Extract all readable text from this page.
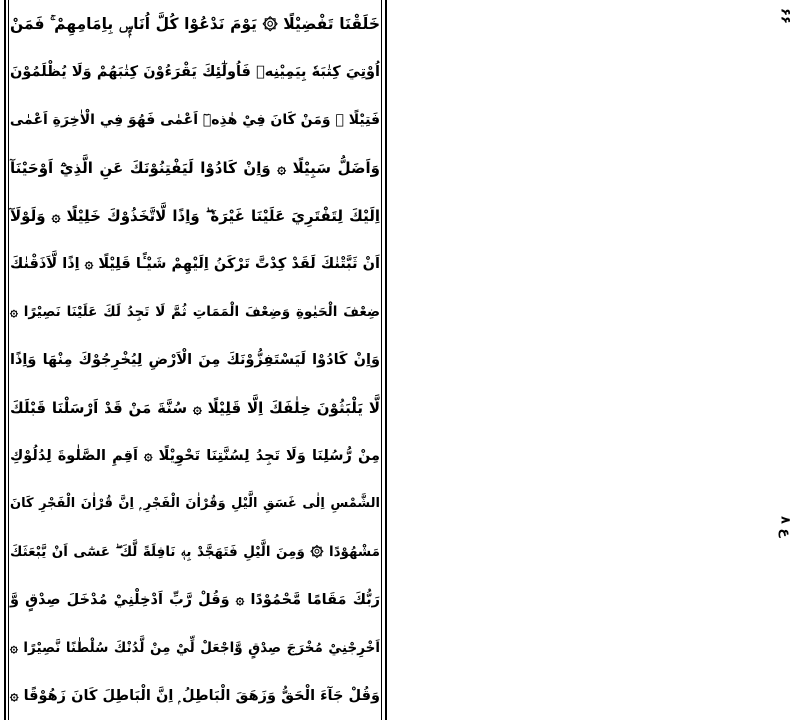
خَلَقْنَا تَفْضِيْلًا ۞ يَوْمَ نَدْعُوْا كُلَّ اُنَاسٍۭ بِاِمَامِهِمْ ۚ فَمَنْ
اُوْتِيَ كِتٰبَهٗ بِيَمِيْنِهٖ فَاُولٰٓئِكَ يَقْرَءُوْنَ كِتٰبَهُمْ وَلَا يُظْلَمُوْنَ
فَتِيْلًا ۞ وَمَنْ كَانَ فِيْ هٰذِهٖٓ اَعْمٰى فَهُوَ فِي الْاٰخِرَةِ اَعْمٰى
وَاَضَلُّ سَبِيْلًا ۞ وَاِنْ كَادُوْا لَيَفْتِنُوْنَكَ عَنِ الَّذِيْٓ اَوْحَيْنَآ
اِلَيْكَ لِتَفْتَرِيَ عَلَيْنَا غَيْرَهٗ ۖ وَاِذًا لَّاتَّخَذُوْكَ خَلِيْلًا ۞ وَلَوْلَآ
اَنْ ثَبَّتْنٰكَ لَقَدْ كِدْتَّ تَرْكَنُ اِلَيْهِمْ شَيْـًٔا قَلِيْلًا ۞ اِذًا لَّاَذَقْنٰكَ
ضِعْفَ الْحَيٰوةِ وَضِعْفَ الْمَمَاتِ ثُمَّ لَا تَجِدُ لَكَ عَلَيْنَا نَصِيْرًا ۞
وَاِنْ كَادُوْا لَيَسْتَفِزُّوْنَكَ مِنَ الْاَرْضِ لِيُخْرِجُوْكَ مِنْهَا وَاِذًا
لَّا يَلْبَثُوْنَ خِلٰفَكَ اِلَّا قَلِيْلًا ۞ سُنَّةَ مَنْ قَدْ اَرْسَلْنَا قَبْلَكَ
مِنْ رُّسُلِنَا وَلَا تَجِدُ لِسُنَّتِنَا تَحْوِيْلًا ۞ اَقِمِ الصَّلٰوةَ لِدُلُوْكِ
الشَّمْسِ اِلٰى غَسَقِ الَّيْلِ وَقُرْاٰنَ الْفَجْرِ ۭ اِنَّ قُرْاٰنَ الْفَجْرِ كَانَ
مَشْهُوْدًا ۞ وَمِنَ الَّيْلِ فَتَهَجَّدْ بِهٖ نَافِلَةً لَّكَ ۖ عَسٰٓى اَنْ يَّبْعَثَكَ
رَبُّكَ مَقَامًا مَّحْمُوْدًا ۞ وَقُلْ رَّبِّ اَدْخِلْنِيْ مُدْخَلَ صِدْقٍ وَّ
اَخْرِجْنِيْ مُخْرَجَ صِدْقٍ وَّاجْعَلْ لِّيْ مِنْ لَّدُنْكَ سُلْطٰنًا نَّصِيْرًا ۞
وَقُلْ جَآءَ الْحَقُّ وَزَهَقَ الْبَاطِلُ ۭ اِنَّ الْبَاطِلَ كَانَ زَهُوْقًا ۞
۶۶
ع ۸
